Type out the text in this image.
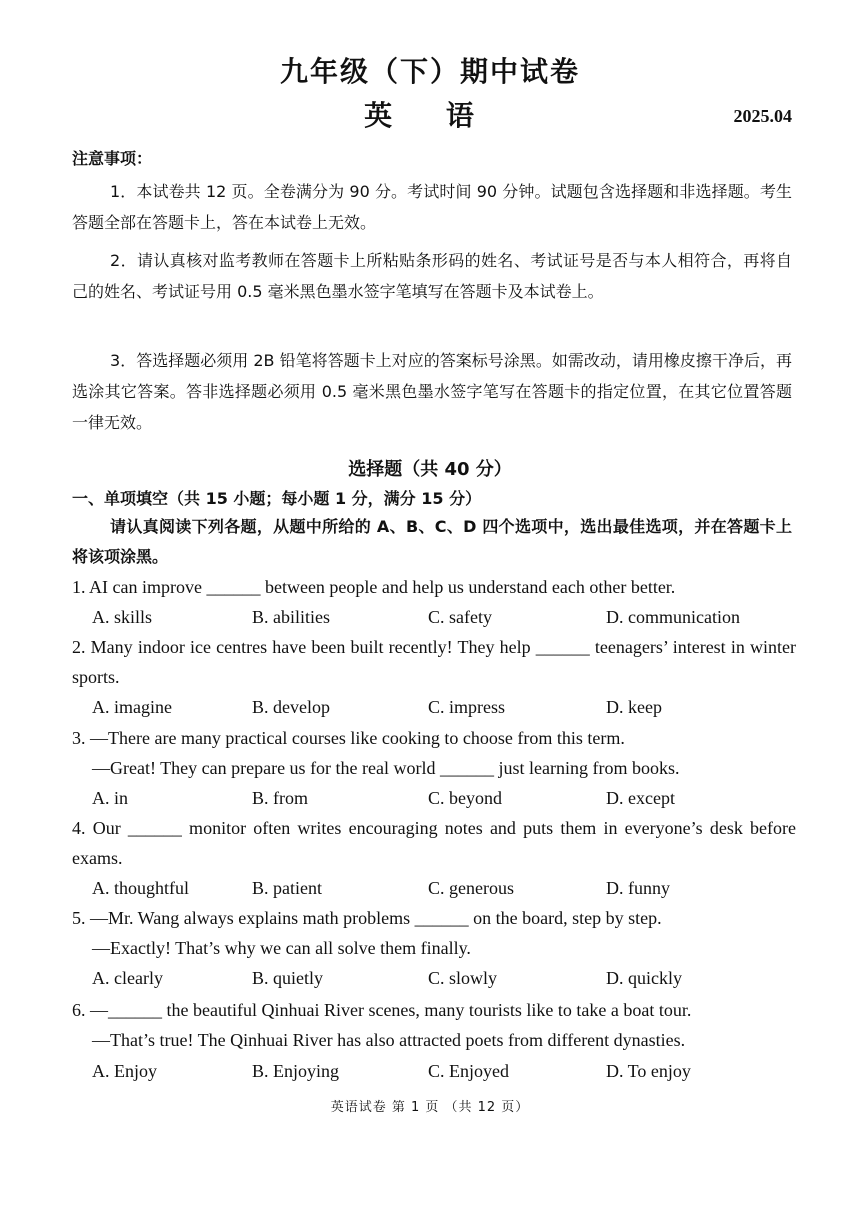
九年级（下）期中试卷
英 语	2025.04
注意事项：
1．本试卷共 12 页。全卷满分为 90 分。考试时间 90 分钟。试题包含选择题和非选择题。考生答题全部在答题卡上，答在本试卷上无效。
2．请认真核对监考教师在答题卡上所粘贴条形码的姓名、考试证号是否与本人相符合，再将自己的姓名、考试证号用 0.5 毫米黑色墨水签字笔填写在答题卡及本试卷上。
3．答选择题必须用 2B 铅笔将答题卡上对应的答案标号涂黑。如需改动，请用橡皮擦干净后，再选涂其它答案。答非选择题必须用 0.5 毫米黑色墨水签字笔写在答题卡的指定位置，在其它位置答题一律无效。
选择题（共 40 分）
一、单项填空（共 15 小题；每小题 1 分，满分 15 分）
请认真阅读下列各题，从题中所给的 A、B、C、D 四个选项中，选出最佳选项，并在答题卡上将该项涂黑。
1. AI can improve ______ between people and help us understand each other better.
A. skills	B. abilities	C. safety	D. communication
2. Many indoor ice centres have been built recently! They help ______ teenagers’ interest in winter sports.
A. imagine	B. develop	C. impress	D. keep
3. —There are many practical courses like cooking to choose from this term.
—Great! They can prepare us for the real world ______ just learning from books.
A. in	B. from	C. beyond	D. except
4. Our ______ monitor often writes encouraging notes and puts them in everyone’s desk before exams.
A. thoughtful	B. patient	C. generous	D. funny
5. —Mr. Wang always explains math problems ______ on the board, step by step.
—Exactly! That’s why we can all solve them finally.
A. clearly	B. quietly	C. slowly	D. quickly
6. —______ the beautiful Qinhuai River scenes, many tourists like to take a boat tour.
—That’s true! The Qinhuai River has also attracted poets from different dynasties.
A. Enjoy	B. Enjoying	C. Enjoyed	D. To enjoy
英语试卷 第 1 页 （共 12 页）
